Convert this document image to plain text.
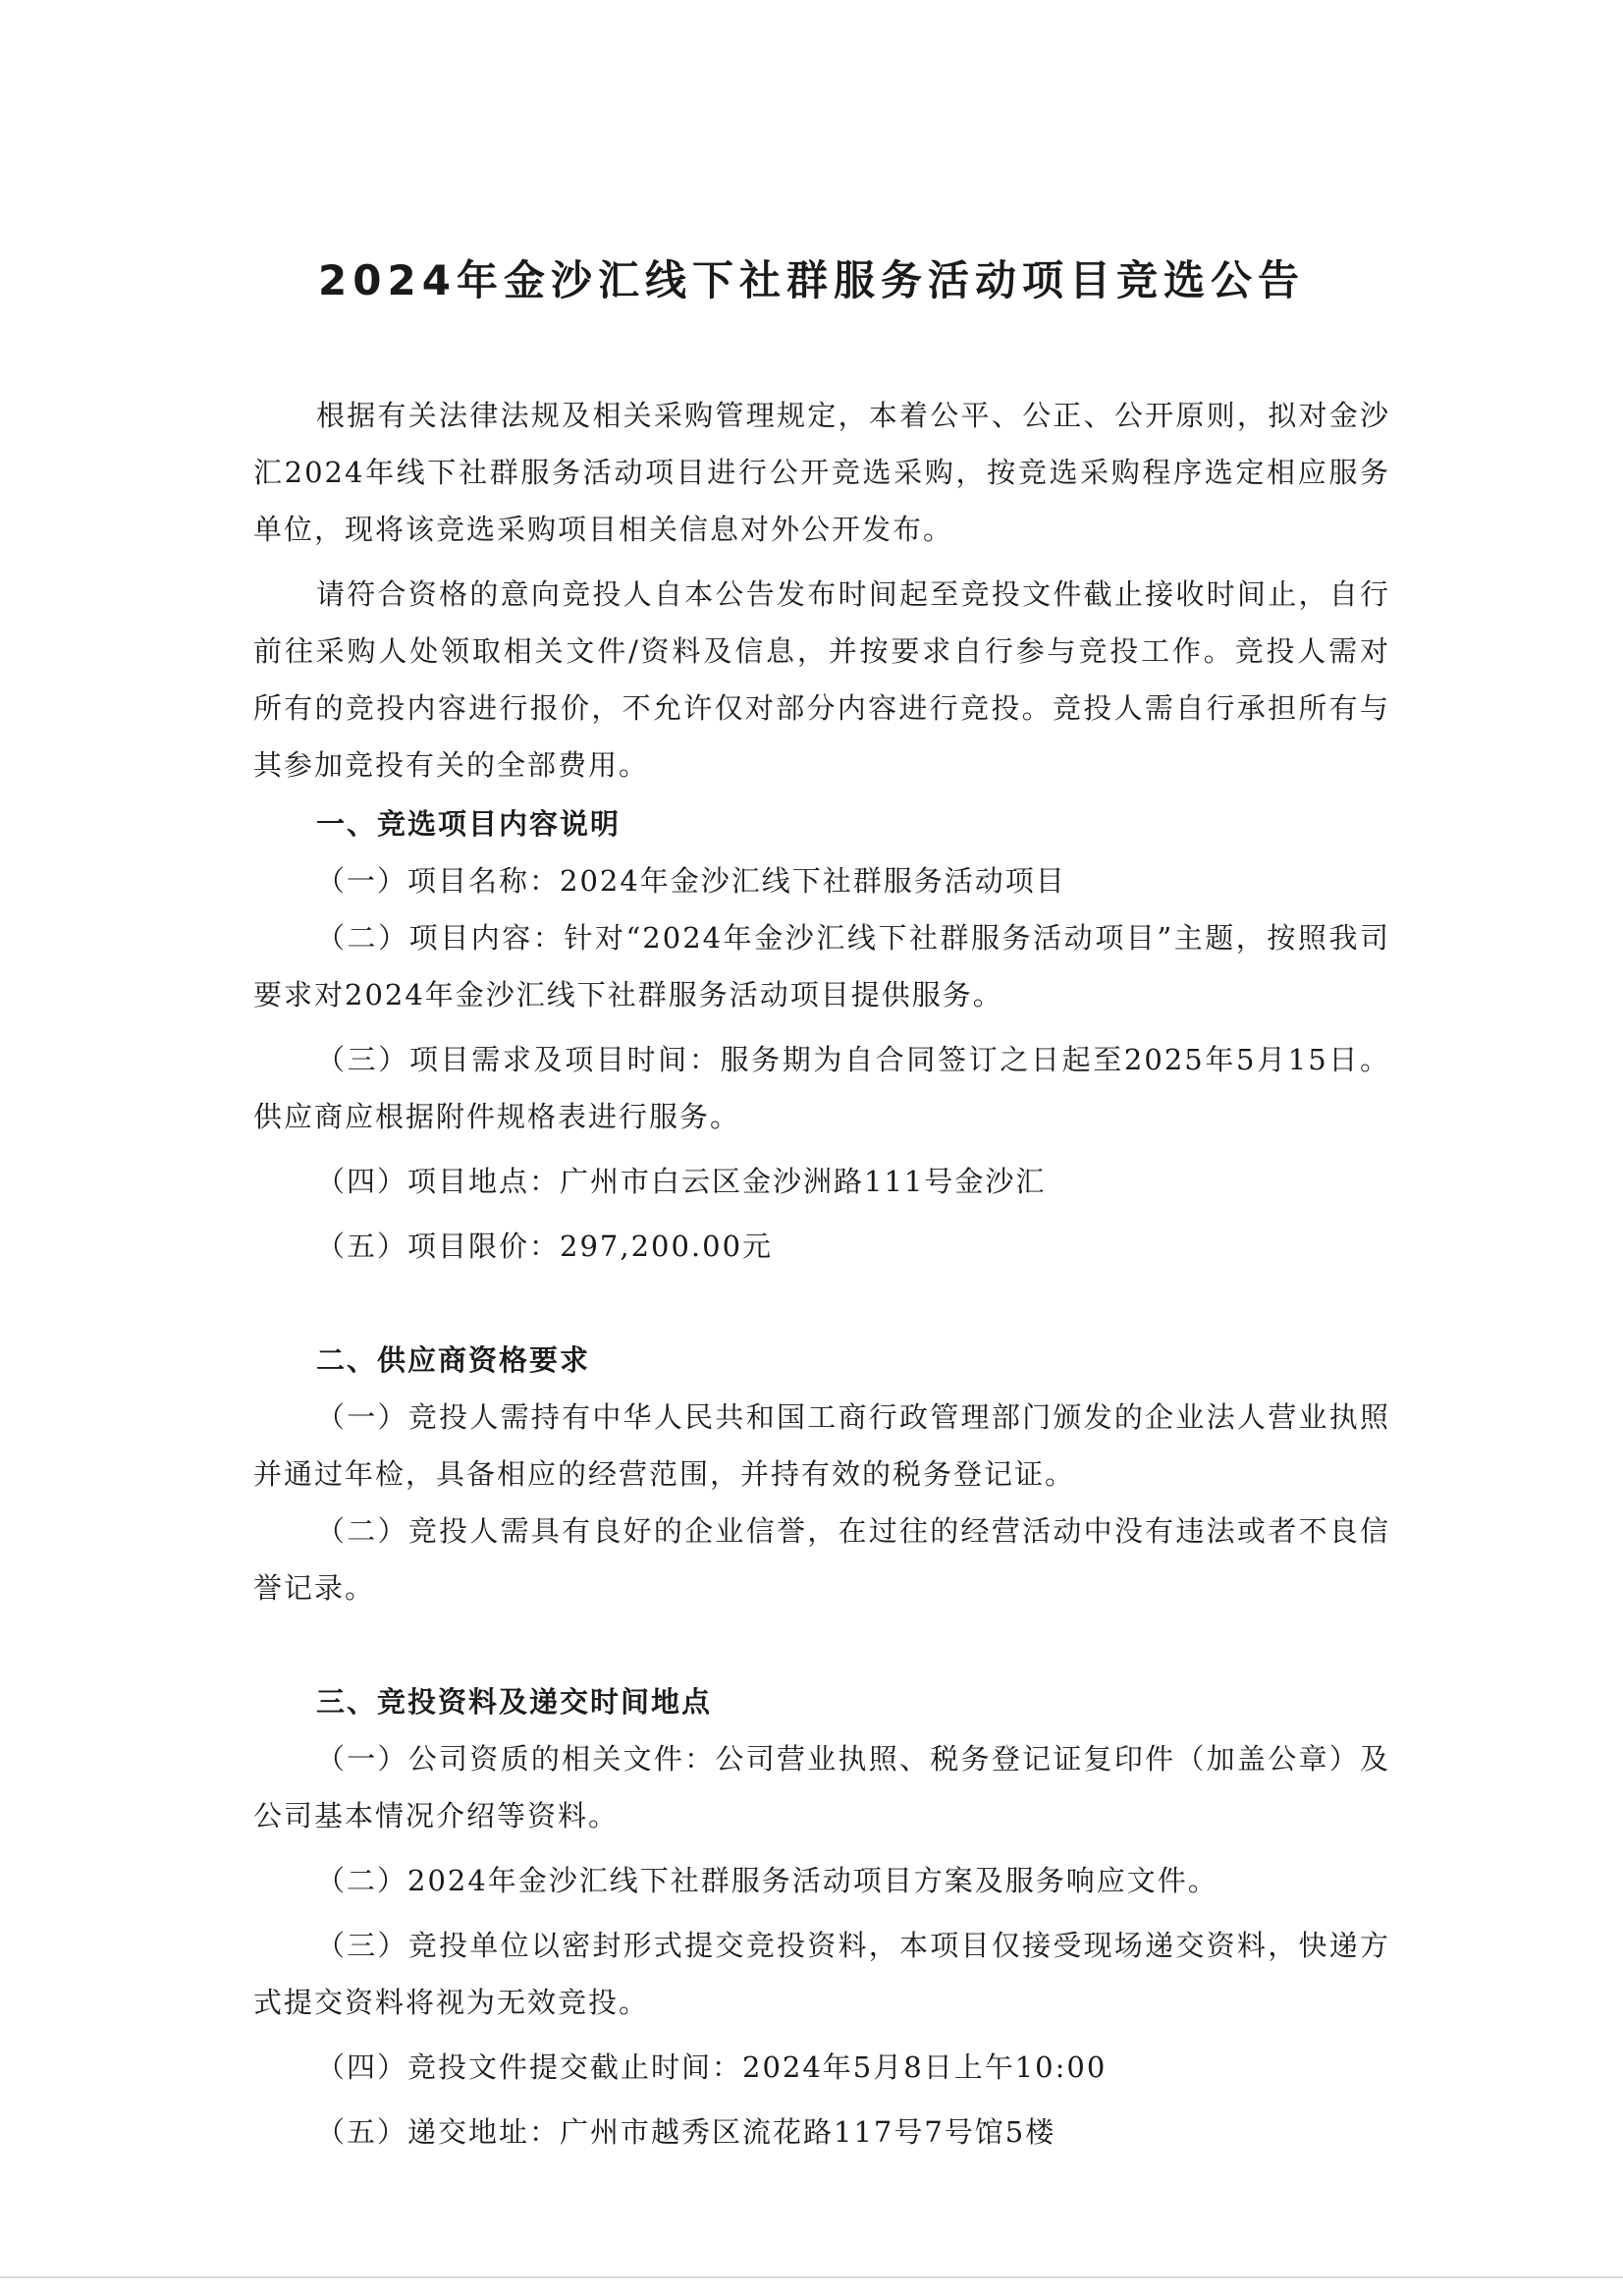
2024年金沙汇线下社群服务活动项目竞选公告

根据有关法律法规及相关采购管理规定，本着公平、公正、公开原则，拟对金沙汇2024年线下社群服务活动项目进行公开竞选采购，按竞选采购程序选定相应服务单位，现将该竞选采购项目相关信息对外公开发布。

请符合资格的意向竞投人自本公告发布时间起至竞投文件截止接收时间止，自行前往采购人处领取相关文件/资料及信息，并按要求自行参与竞投工作。竞投人需对所有的竞投内容进行报价，不允许仅对部分内容进行竞投。竞投人需自行承担所有与其参加竞投有关的全部费用。

一、竞选项目内容说明

（一）项目名称：2024年金沙汇线下社群服务活动项目

（二）项目内容：针对“2024年金沙汇线下社群服务活动项目”主题，按照我司要求对2024年金沙汇线下社群服务活动项目提供服务。

（三）项目需求及项目时间：服务期为自合同签订之日起至2025年5月15日。供应商应根据附件规格表进行服务。

（四）项目地点：广州市白云区金沙洲路111号金沙汇

（五）项目限价：297,200.00元

二、供应商资格要求

（一）竞投人需持有中华人民共和国工商行政管理部门颁发的企业法人营业执照并通过年检，具备相应的经营范围，并持有效的税务登记证。

（二）竞投人需具有良好的企业信誉，在过往的经营活动中没有违法或者不良信誉记录。

三、竞投资料及递交时间地点

（一）公司资质的相关文件：公司营业执照、税务登记证复印件（加盖公章）及公司基本情况介绍等资料。

（二）2024年金沙汇线下社群服务活动项目方案及服务响应文件。

（三）竞投单位以密封形式提交竞投资料，本项目仅接受现场递交资料，快递方式提交资料将视为无效竞投。

（四）竞投文件提交截止时间：2024年5月8日上午10:00

（五）递交地址：广州市越秀区流花路117号7号馆5楼
